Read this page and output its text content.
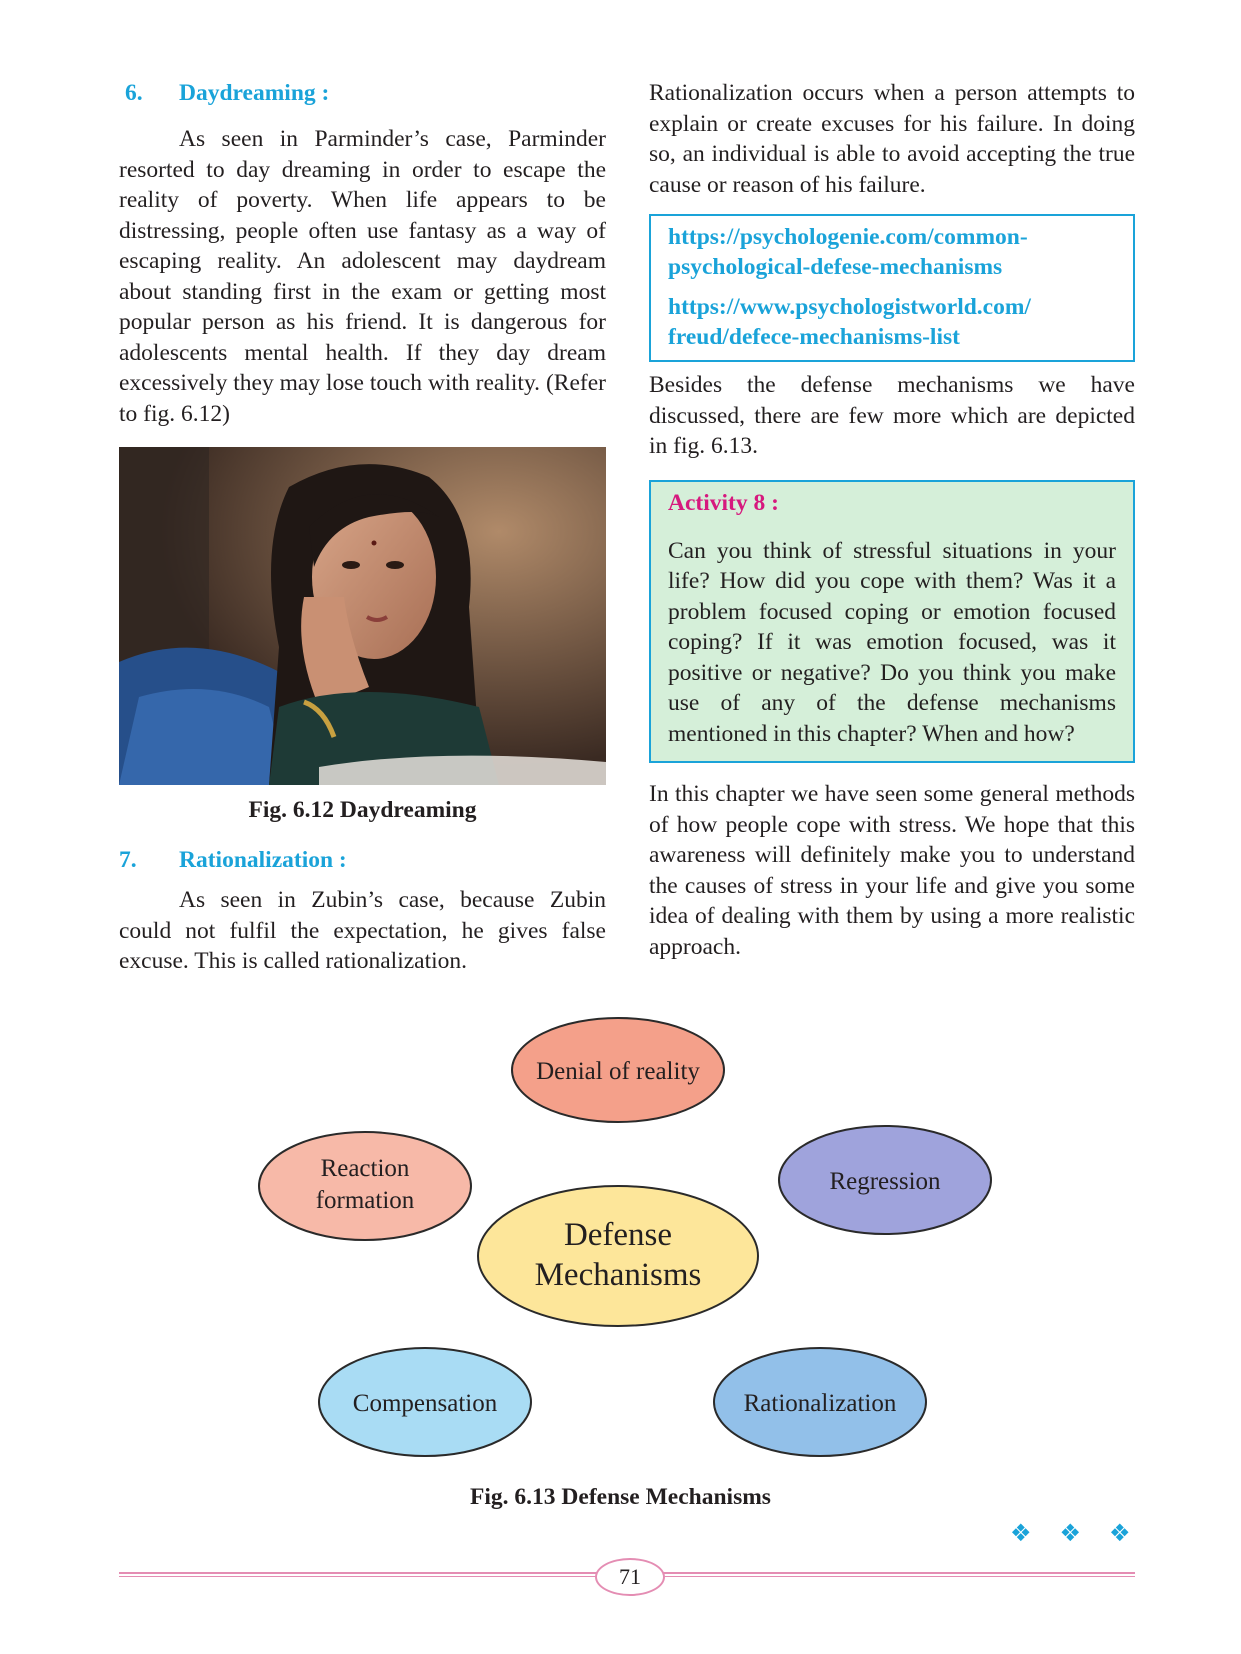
6.	Daydreaming :

As seen in Parminder’s case, Parminder resorted to day dreaming in order to escape the reality of poverty. When life appears to be distressing, people often use fantasy as a way of escaping reality. An adolescent may daydream about standing first in the exam or getting most popular person as his friend. It is dangerous for adolescents mental health. If they day dream excessively they may lose touch with reality. (Refer to fig. 6.12)

Fig. 6.12 Daydreaming

7.	Rationalization :

As seen in Zubin’s case, because Zubin could not fulfil the expectation, he gives false excuse. This is called rationalization.

Rationalization occurs when a person attempts to explain or create excuses for his failure. In doing so, an individual is able to avoid accepting the true cause or reason of his failure.

https://psychologenie.com/common-
psychological-defese-mechanisms
https://www.psychologistworld.com/
freud/defece-mechanisms-list

Besides the defense mechanisms we have discussed, there are few more which are depicted in fig. 6.13.

Activity 8 :

Can you think of stressful situations in your life? How did you cope with them? Was it a problem focused coping or emotion focused coping? If it was emotion focused, was it positive or negative? Do you think you make use of any of the defense mechanisms mentioned in this chapter? When and how?

In this chapter we have seen some general methods of how people cope with stress. We hope that this awareness will definitely make you to understand the causes of stress in your life and give you some idea of dealing with them by using a more realistic approach.

Denial of reality
Reaction
formation
Regression
Defense
Mechanisms
Compensation	Rationalization

Fig. 6.13 Defense Mechanisms

❖ ❖ ❖
71
